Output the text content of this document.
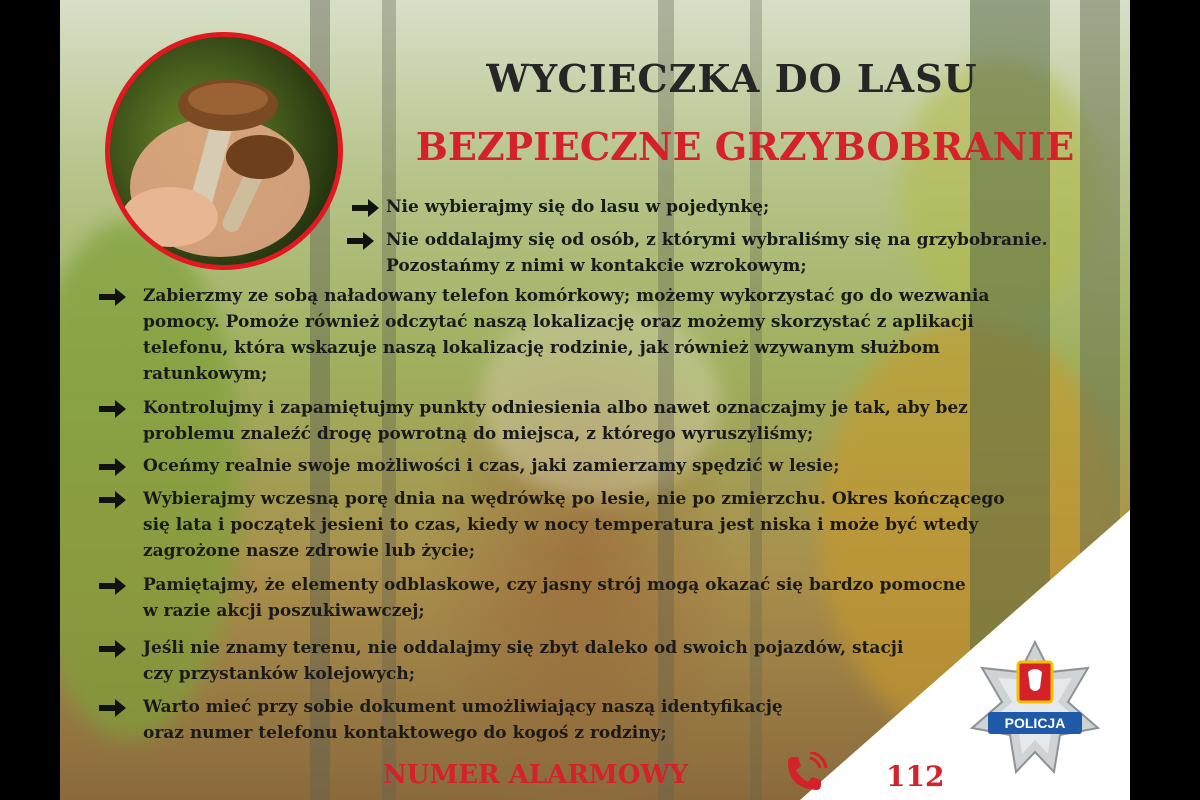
WYCIECZKA DO LASU
BEZPIECZNE GRZYBOBRANIE
Nie wybierajmy się do lasu w pojedynkę;
Nie oddalajmy się od osób, z którymi wybraliśmy się na grzybobranie.
Pozostańmy z nimi w kontakcie wzrokowym;
Zabierzmy ze sobą naładowany telefon komórkowy; możemy wykorzystać go do wezwania
pomocy. Pomoże również odczytać naszą lokalizację oraz możemy skorzystać z aplikacji
telefonu, która wskazuje naszą lokalizację rodzinie, jak również wzywanym służbom
ratunkowym;
Kontrolujmy i zapamiętujmy punkty odniesienia albo nawet oznaczajmy je tak, aby bez
problemu znaleźć drogę powrotną do miejsca, z którego wyruszyliśmy;
Oceńmy realnie swoje możliwości i czas, jaki zamierzamy spędzić w lesie;
Wybierajmy wczesną porę dnia na wędrówkę po lesie, nie po zmierzchu. Okres kończącego
się lata i początek jesieni to czas, kiedy w nocy temperatura jest niska i może być wtedy
zagrożone nasze zdrowie lub życie;
Pamiętajmy, że elementy odblaskowe, czy jasny strój mogą okazać się bardzo pomocne
w razie akcji poszukiwawczej;
Jeśli nie znamy terenu, nie oddalajmy się zbyt daleko od swoich pojazdów, stacji
czy przystanków kolejowych;
Warto mieć przy sobie dokument umożliwiający naszą identyfikację
oraz numer telefonu kontaktowego do kogoś z rodziny;	POLICJA
NUMER ALARMOWY	112
